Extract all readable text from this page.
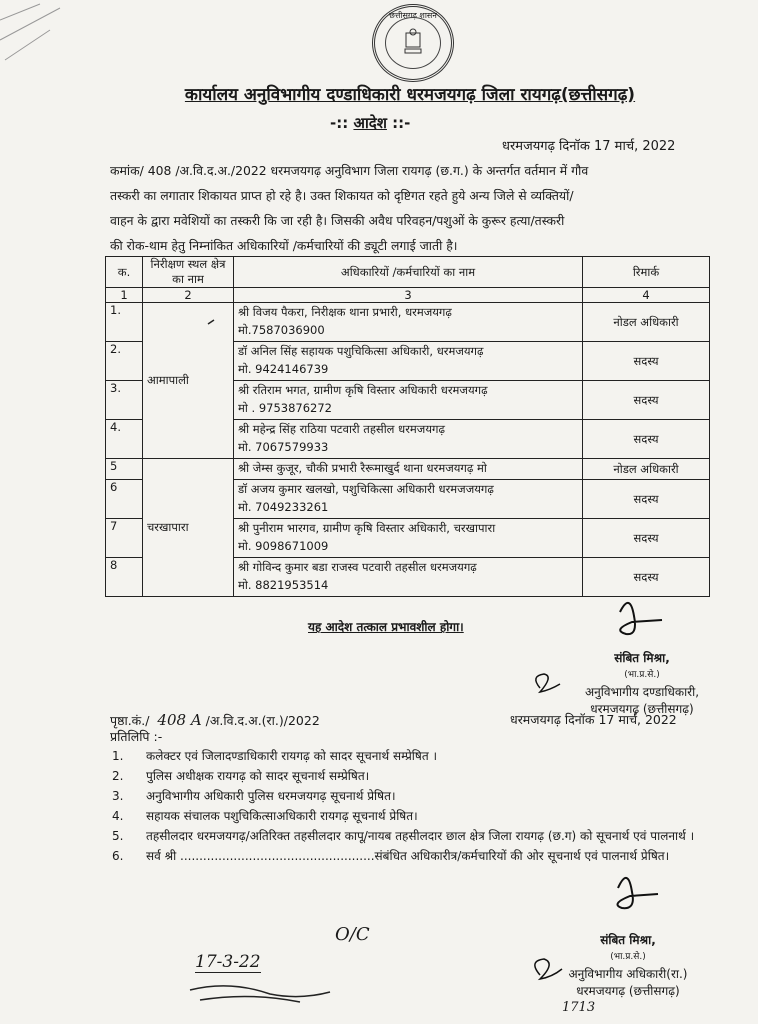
छत्तीसगढ़ शासन
कार्यालय अनुविभागीय दण्डाधिकारी धरमजयगढ़ जिला रायगढ़(छत्तीसगढ़)
-:: आदेश ::-
धरमजयगढ़ दिनॉक 17 मार्च, 2022
कमांक/ 408 /अ.वि.द.अ./2022 धरमजयगढ़ अनुविभाग जिला रायगढ़ (छ.ग.) के अन्तर्गत वर्तमान में गौव
तस्करी का लगातार शिकायत प्राप्त हो रहे है। उक्त शिकायत को दृष्टिगत रहते हुये अन्य जिले से व्यक्तियों/
वाहन के द्वारा मवेशियों का तस्करी कि जा रही है। जिसकी अवैध परिवहन/पशुओं के कुरूर हत्या/तस्करी
की रोक-थाम हेतु निम्नांकित अधिकारियों /कर्मचारियों की ड्यूटी लगाई जाती है।
क.	निरीक्षण स्थल क्षेत्र का नाम	अधिकारियों /कर्मचारियों का नाम	रिमार्क
1	2	3	4
1.	आमापाली	श्री विजय पैकरा, निरीक्षक थाना प्रभारी, धरमजयगढ़
मो.7587036900	नोडल अधिकारी
2.		डॉ अनिल सिंह सहायक पशुचिकित्सा अधिकारी, धरमजयगढ़
मो. 9424146739	सदस्य
3.		श्री रतिराम भगत, ग्रामीण कृषि विस्तार अधिकारी धरमजयगढ़
मो . 9753876272	सदस्य
4.		श्री महेन्द्र सिंह राठिया पटवारी तहसील धरमजयगढ़
मो. 7067579933	सदस्य
5	चरखापारा	श्री जेम्स कुजूर, चौकी प्रभारी रैरूमाखुर्द थाना धरमजयगढ़ मो	नोडल अधिकारी
6		डॉ अजय कुमार खलखो, पशुचिकित्सा अधिकारी धरमजजयगढ़
मो. 7049233261	सदस्य
7		श्री पुनीराम भारगव, ग्रामीण कृषि विस्तार अधिकारी, चरखापारा
मो. 9098671009	सदस्य
8		श्री गोविन्द कुमार बडा राजस्व पटवारी तहसील धरमजयगढ़
मो. 8821953514	सदस्य
यह आदेश तत्काल प्रभावशील होगा।
संबित मिश्रा,
(भा.प्र.से.)
अनुविभागीय दण्डाधिकारी,
धरमजयगढ़ (छत्तीसगढ़)
पृष्ठा.कं./ 408 A /अ.वि.द.अ.(रा.)/2022	धरमजयगढ़ दिनॉक 17 मार्च, 2022
प्रतिलिपि :-
1. कलेक्टर एवं जिलादण्डाधिकारी रायगढ़ को सादर सूचनार्थ सम्प्रेषित ।
2. पुलिस अधीक्षक रायगढ़ को सादर सूचनार्थ सम्प्रेषित।
3. अनुविभागीय अधिकारी पुलिस धरमजयगढ़ सूचनार्थ प्रेषित।
4. सहायक संचालक पशुचिकित्साअधिकारी रायगढ़ सूचनार्थ प्रेषित।
5. तहसीलदार धरमजयगढ़/अतिरिक्त तहसीलदार कापू/नायब तहसीलदार छाल क्षेत्र जिला रायगढ़ (छ.ग) को सूचनार्थ एवं पालनार्थ ।
6. सर्व श्री ...................................................संबंधित अधिकारीत्र/कर्मचारियों की ओर सूचनार्थ एवं पालनार्थ प्रेषित।
O/C
17-3-22
संबित मिश्रा,
(भा.प्र.से.)
अनुविभागीय अधिकारी(रा.)
धरमजयगढ़ (छत्तीसगढ़)
1713
